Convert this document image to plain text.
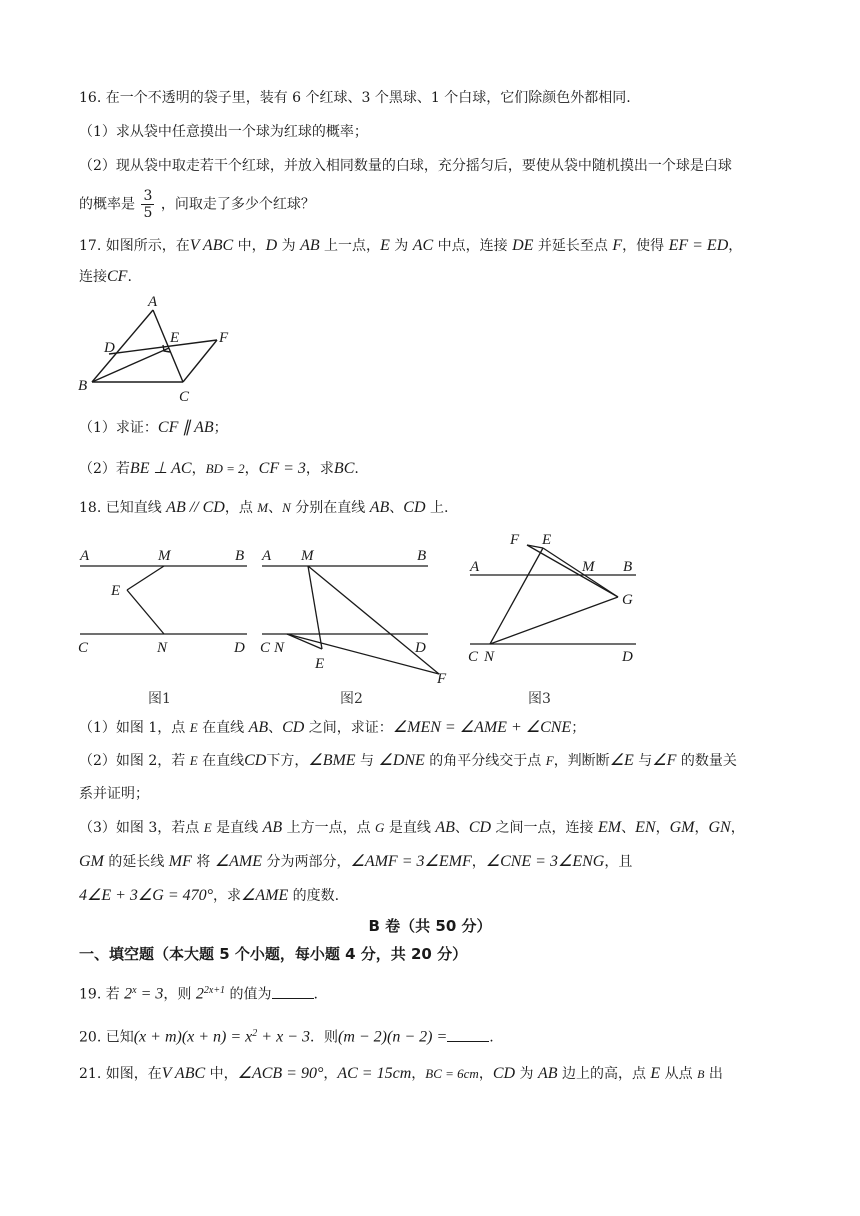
16. 在一个不透明的袋子里，装有 6 个红球、3 个黑球、1 个白球，它们除颜色外都相同.
（1）求从袋中任意摸出一个球为红球的概率；
（2）现从袋中取走若干个红球，并放入相同数量的白球，充分摇匀后，要使从袋中随机摸出一个球是白球
的概率是 $\frac{3}{5}$ ，问取走了多少个红球？
17. 如图所示，在V ABC 中，D 为 AB 上一点，E 为 AC 中点，连接 DE 并延长至点 F，使得 EF = ED，
连接CF.
A
D
E	F
B
C
（1）求证：CF ∥ AB；
（2）若BE ⊥ AC，BD = 2，CF = 3，求BC.
18. 已知直线 AB // CD，点 M、N 分别在直线 AB、CD 上.
A	M	B
E
C	N	D
图1
A M	B
C N	D
E
F
图2
F E
A	M B
G
C N	D
图3
（1）如图 1，点 E 在直线 AB、CD 之间，求证：∠MEN = ∠AME + ∠CNE；
（2）如图 2，若 E 在直线CD下方，∠BME 与 ∠DNE 的角平分线交于点 F，判断断∠E 与∠F 的数量关
系并证明；
（3）如图 3，若点 E 是直线 AB 上方一点，点 G 是直线 AB、CD 之间一点，连接 EM、EN，GM，GN，
GM 的延长线 MF 将 ∠AME 分为两部分，∠AMF = 3∠EMF，∠CNE = 3∠ENG，且
4∠E + 3∠G = 470°，求∠AME 的度数.
B 卷（共 50 分）
一、填空题（本大题 5 个小题，每小题 4 分，共 20 分）
19. 若 $2^x = 3$，则 $2^{2x+1}$ 的值为	.
20. 已知$(x + m)(x + n) = x^2 + x - 3$．则(m − 2)(n − 2) =	.
21. 如图，在V ABC 中，∠ACB = 90°，AC = 15cm，BC = 6cm，CD 为 AB 边上的高，点 E 从点 B 出
